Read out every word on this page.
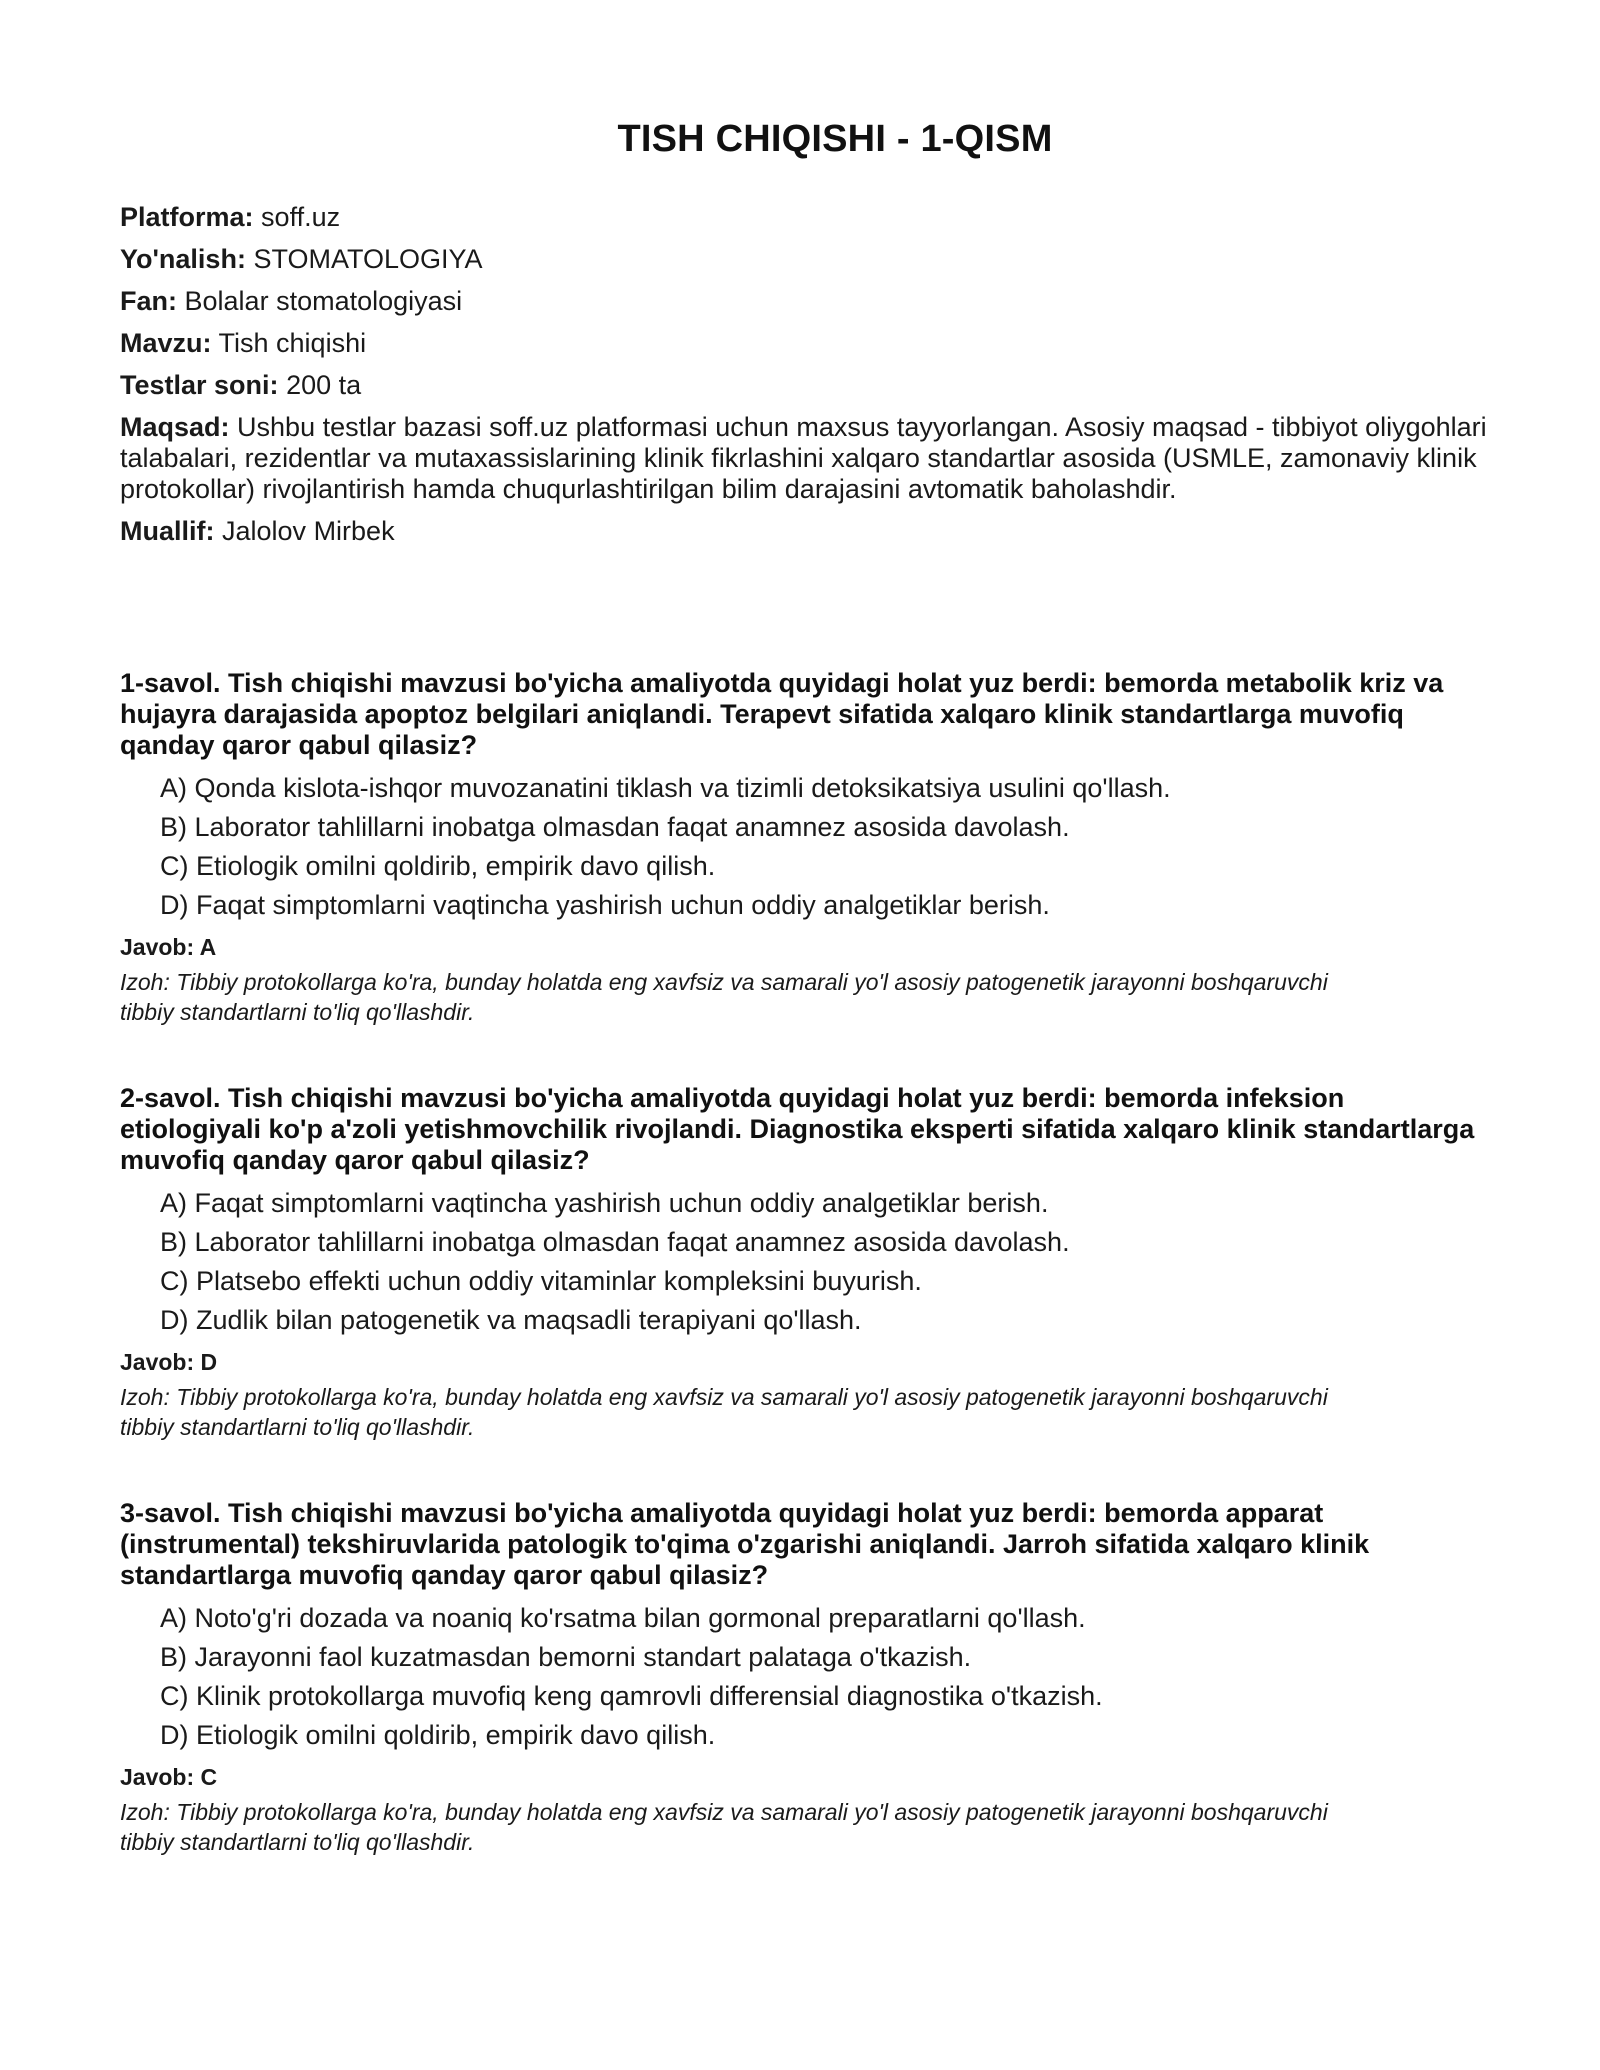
TISH CHIQISHI - 1-QISM

Platforma: soff.uz

Yo'nalish: STOMATOLOGIYA

Fan: Bolalar stomatologiyasi

Mavzu: Tish chiqishi

Testlar soni: 200 ta

Maqsad: Ushbu testlar bazasi soff.uz platformasi uchun maxsus tayyorlangan. Asosiy maqsad - tibbiyot oliygohlari talabalari, rezidentlar va mutaxassislarining klinik fikrlashini xalqaro standartlar asosida (USMLE, zamonaviy klinik protokollar) rivojlantirish hamda chuqurlashtirilgan bilim darajasini avtomatik baholashdir.

Muallif: Jalolov Mirbek

1-savol. Tish chiqishi mavzusi bo'yicha amaliyotda quyidagi holat yuz berdi: bemorda metabolik kriz va hujayra darajasida apoptoz belgilari aniqlandi. Terapevt sifatida xalqaro klinik standartlarga muvofiq qanday qaror qabul qilasiz?

A) Qonda kislota-ishqor muvozanatini tiklash va tizimli detoksikatsiya usulini qo'llash.
B) Laborator tahlillarni inobatga olmasdan faqat anamnez asosida davolash.
C) Etiologik omilni qoldirib, empirik davo qilish.
D) Faqat simptomlarni vaqtincha yashirish uchun oddiy analgetiklar berish.

Javob: A

Izoh: Tibbiy protokollarga ko'ra, bunday holatda eng xavfsiz va samarali yo'l asosiy patogenetik jarayonni boshqaruvchi tibbiy standartlarni to'liq qo'llashdir.

2-savol. Tish chiqishi mavzusi bo'yicha amaliyotda quyidagi holat yuz berdi: bemorda infeksion etiologiyali ko'p a'zoli yetishmovchilik rivojlandi. Diagnostika eksperti sifatida xalqaro klinik standartlarga muvofiq qanday qaror qabul qilasiz?

A) Faqat simptomlarni vaqtincha yashirish uchun oddiy analgetiklar berish.
B) Laborator tahlillarni inobatga olmasdan faqat anamnez asosida davolash.
C) Platsebo effekti uchun oddiy vitaminlar kompleksini buyurish.
D) Zudlik bilan patogenetik va maqsadli terapiyani qo'llash.

Javob: D

Izoh: Tibbiy protokollarga ko'ra, bunday holatda eng xavfsiz va samarali yo'l asosiy patogenetik jarayonni boshqaruvchi tibbiy standartlarni to'liq qo'llashdir.

3-savol. Tish chiqishi mavzusi bo'yicha amaliyotda quyidagi holat yuz berdi: bemorda apparat (instrumental) tekshiruvlarida patologik to'qima o'zgarishi aniqlandi. Jarroh sifatida xalqaro klinik standartlarga muvofiq qanday qaror qabul qilasiz?

A) Noto'g'ri dozada va noaniq ko'rsatma bilan gormonal preparatlarni qo'llash.
B) Jarayonni faol kuzatmasdan bemorni standart palataga o'tkazish.
C) Klinik protokollarga muvofiq keng qamrovli differensial diagnostika o'tkazish.
D) Etiologik omilni qoldirib, empirik davo qilish.

Javob: C

Izoh: Tibbiy protokollarga ko'ra, bunday holatda eng xavfsiz va samarali yo'l asosiy patogenetik jarayonni boshqaruvchi tibbiy standartlarni to'liq qo'llashdir.
